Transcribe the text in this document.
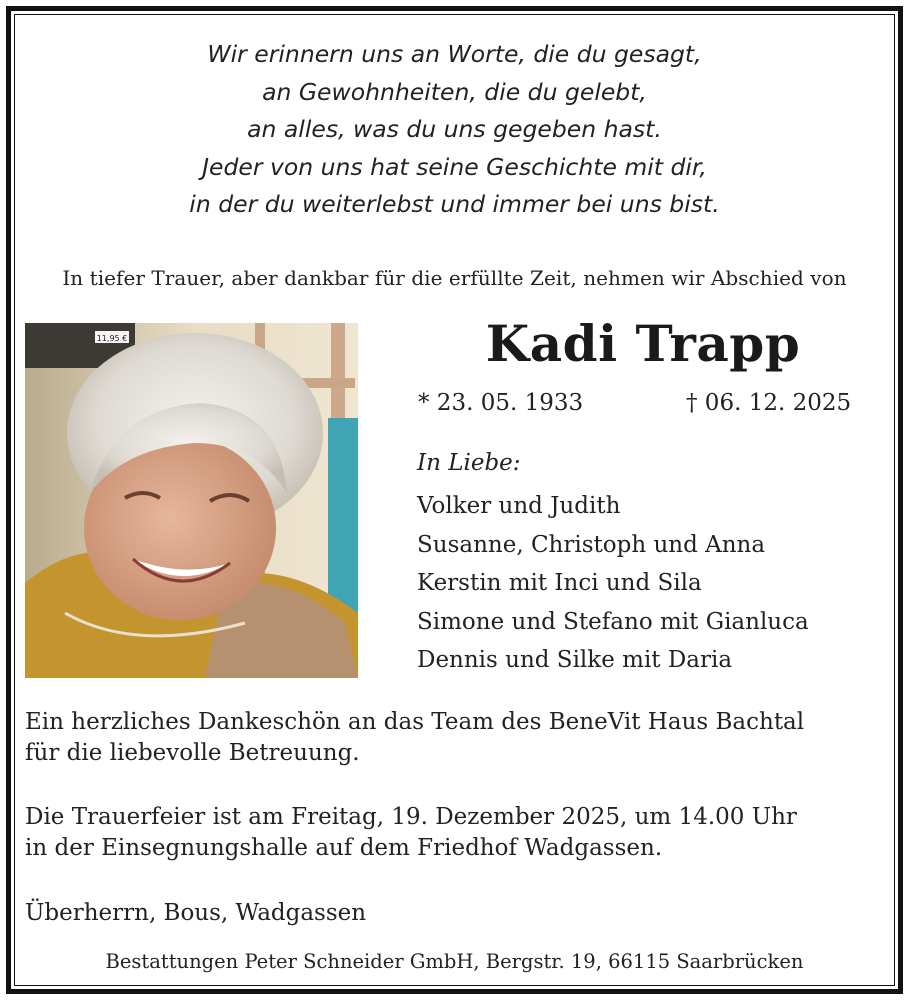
Wir erinnern uns an Worte, die du gesagt,
an Gewohnheiten, die du gelebt,
an alles, was du uns gegeben hast.
Jeder von uns hat seine Geschichte mit dir,
in der du weiterlebst und immer bei uns bist.
In tiefer Trauer, aber dankbar für die erfüllte Zeit, nehmen wir Abschied von
11,95 €	Kadi Trapp
* 23. 05. 1933	† 06. 12. 2025
In Liebe:
Volker und Judith
Susanne, Christoph und Anna
Kerstin mit Inci und Sila
Simone und Stefano mit Gianluca
Dennis und Silke mit Daria
Ein herzliches Dankeschön an das Team des BeneVit Haus Bachtal
für die liebevolle Betreuung.
Die Trauerfeier ist am Freitag, 19. Dezember 2025, um 14.00 Uhr
in der Einsegnungshalle auf dem Friedhof Wadgassen.
Überherrn, Bous, Wadgassen
Bestattungen Peter Schneider GmbH, Bergstr. 19, 66115 Saarbrücken
